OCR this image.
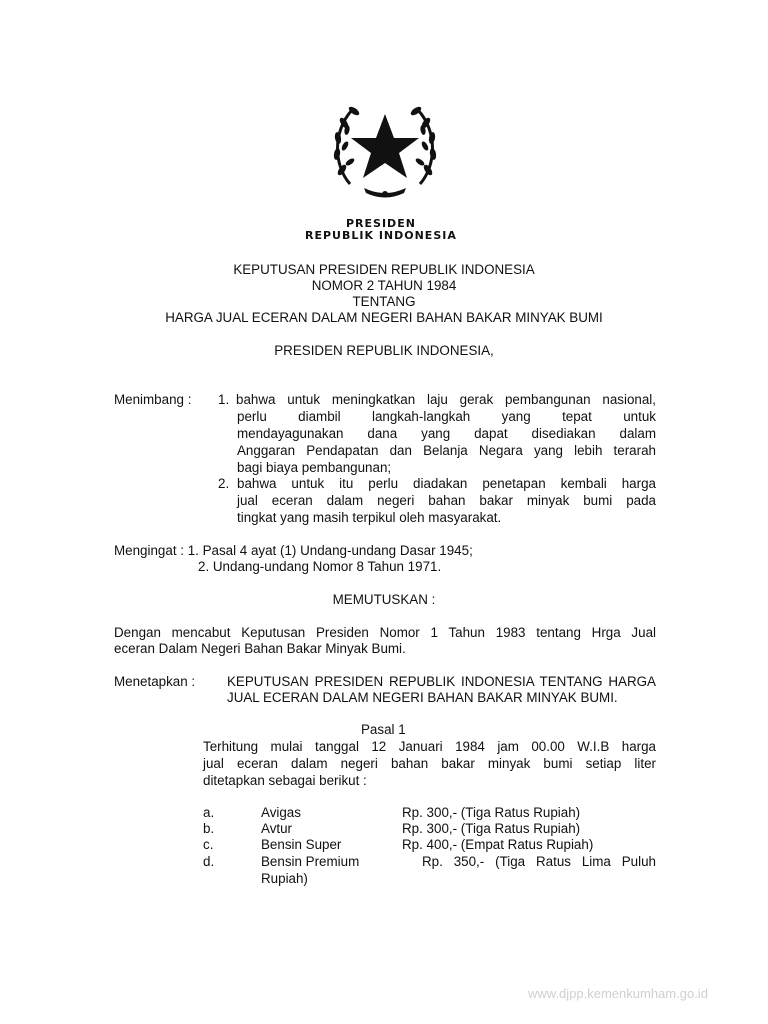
PRESIDEN
REPUBLIK INDONESIA
KEPUTUSAN PRESIDEN REPUBLIK INDONESIA
NOMOR 2 TAHUN 1984
TENTANG
HARGA JUAL ECERAN DALAM NEGERI BAHAN BAKAR MINYAK BUMI
PRESIDEN REPUBLIK INDONESIA,
Menimbang : 1. bahwa untuk meningkatkan laju gerak pembangunan nasional,
perlu diambil langkah-langkah yang tepat untuk
mendayagunakan dana yang dapat disediakan dalam
Anggaran Pendapatan dan Belanja Negara yang lebih terarah
bagi biaya pembangunan;
2. bahwa untuk itu perlu diadakan penetapan kembali harga
jual eceran dalam negeri bahan bakar minyak bumi pada
tingkat yang masih terpikul oleh masyarakat.
Mengingat : 1. Pasal 4 ayat (1) Undang-undang Dasar 1945;
2. Undang-undang Nomor 8 Tahun 1971.
MEMUTUSKAN :
Dengan mencabut Keputusan Presiden Nomor 1 Tahun 1983 tentang Hrga Jual
eceran Dalam Negeri Bahan Bakar Minyak Bumi.
Menetapkan : KEPUTUSAN PRESIDEN REPUBLIK INDONESIA TENTANG HARGA
JUAL ECERAN DALAM NEGERI BAHAN BAKAR MINYAK BUMI.
Pasal 1
Terhitung mulai tanggal 12 Januari 1984 jam 00.00 W.I.B harga
jual eceran dalam negeri bahan bakar minyak bumi setiap liter
ditetapkan sebagai berikut :
a.	Avigas	Rp. 300,- (Tiga Ratus Rupiah)
b.	Avtur	Rp. 300,- (Tiga Ratus Rupiah)
c.	Bensin Super	Rp. 400,- (Empat Ratus Rupiah)
d.	Bensin Premium	Rp. 350,- (Tiga Ratus Lima Puluh
Rupiah)
www.djpp.kemenkumham.go.id
